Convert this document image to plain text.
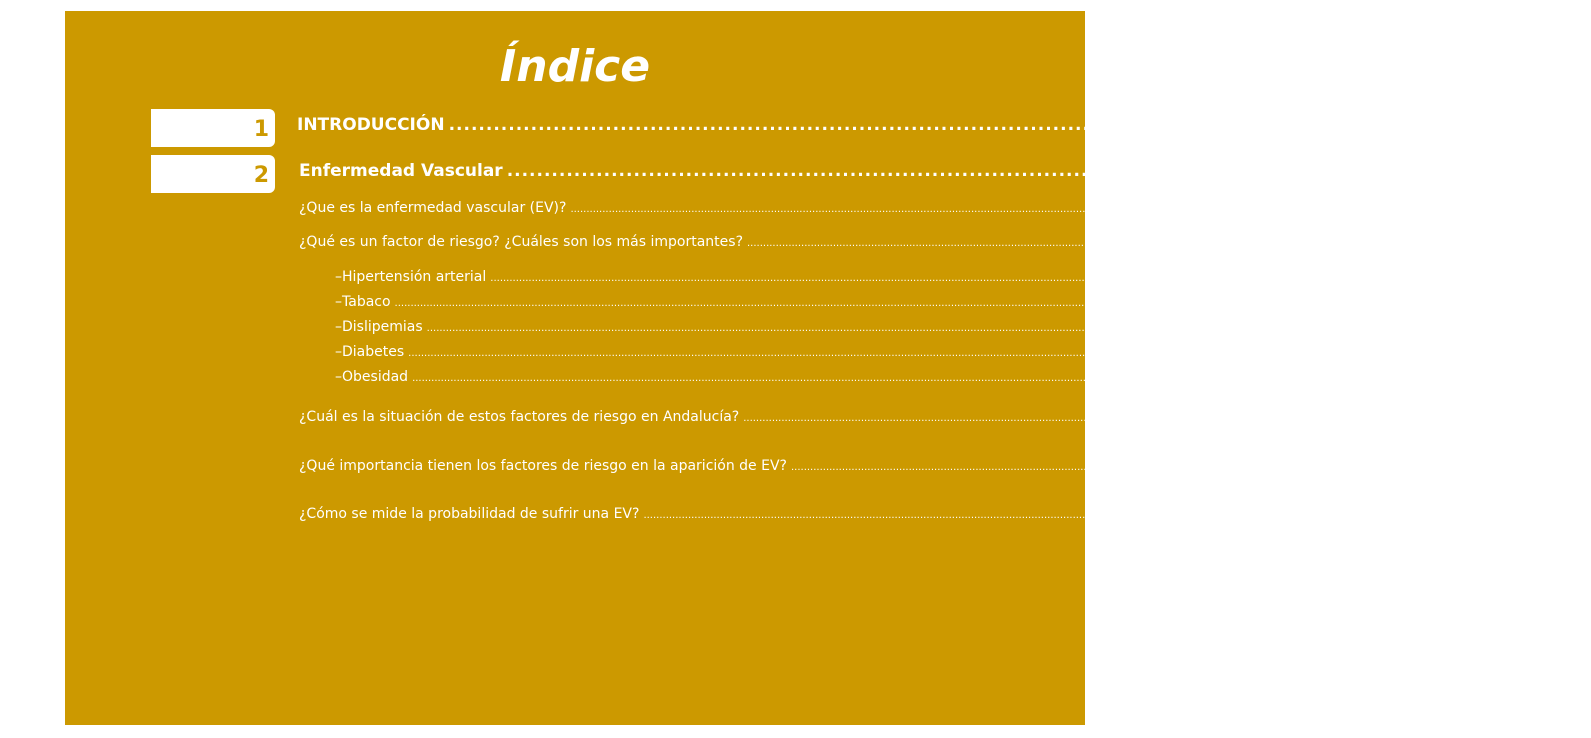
Índice
1
2
INTRODUCCIÓN ............................................................................................................................................	7
Enfermedad Vascular ............................................................................................................................................ 11
¿Que es la enfermedad vascular (EV)? ...................................................................................................................................................................................................................................... 13
¿Qué es un factor de riesgo? ¿Cuáles son los más importantes? ...................................................................................................................................................................................................................................... 15
– Hipertensión arterial ...................................................................................................................................................................................................................................... 16
– Tabaco ...................................................................................................................................................................................................................................... 16
– Dislipemias ...................................................................................................................................................................................................................................... 17
– Diabetes ...................................................................................................................................................................................................................................... 18
– Obesidad ...................................................................................................................................................................................................................................... 18
¿Cuál es la situación de estos factores de riesgo en Andalucía? ...................................................................................................................................................................................................................................... 20
¿Qué importancia tienen los factores de riesgo en la aparición de EV? ...................................................................................................................................................................................................................................... 22
¿Cómo se mide la probabilidad de sufrir una EV? ...................................................................................................................................................................................................................................... 23
